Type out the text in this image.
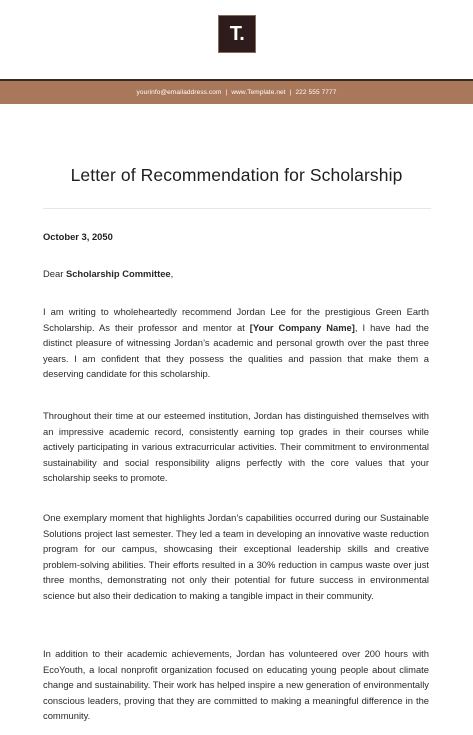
T.
yourinfo@emailaddress.com | www.Template.net | 222 555 7777
Letter of Recommendation for Scholarship

October 3, 2050

Dear Scholarship Committee,

I am writing to wholeheartedly recommend Jordan Lee for the prestigious Green Earth Scholarship. As their professor and mentor at [Your Company Name], I have had the distinct pleasure of witnessing Jordan’s academic and personal growth over the past three years. I am confident that they possess the qualities and passion that make them a deserving candidate for this scholarship.

Throughout their time at our esteemed institution, Jordan has distinguished themselves with an impressive academic record, consistently earning top grades in their courses while actively participating in various extracurricular activities. Their commitment to environmental sustainability and social responsibility aligns perfectly with the core values that your scholarship seeks to promote.

One exemplary moment that highlights Jordan’s capabilities occurred during our Sustainable Solutions project last semester. They led a team in developing an innovative waste reduction program for our campus, showcasing their exceptional leadership skills and creative problem-solving abilities. Their efforts resulted in a 30% reduction in campus waste over just three months, demonstrating not only their potential for future success in environmental science but also their dedication to making a tangible impact in their community.

In addition to their academic achievements, Jordan has volunteered over 200 hours with EcoYouth, a local nonprofit organization focused on educating young people about climate change and sustainability. Their work has helped inspire a new generation of environmentally conscious leaders, proving that they are committed to making a meaningful difference in the community.
